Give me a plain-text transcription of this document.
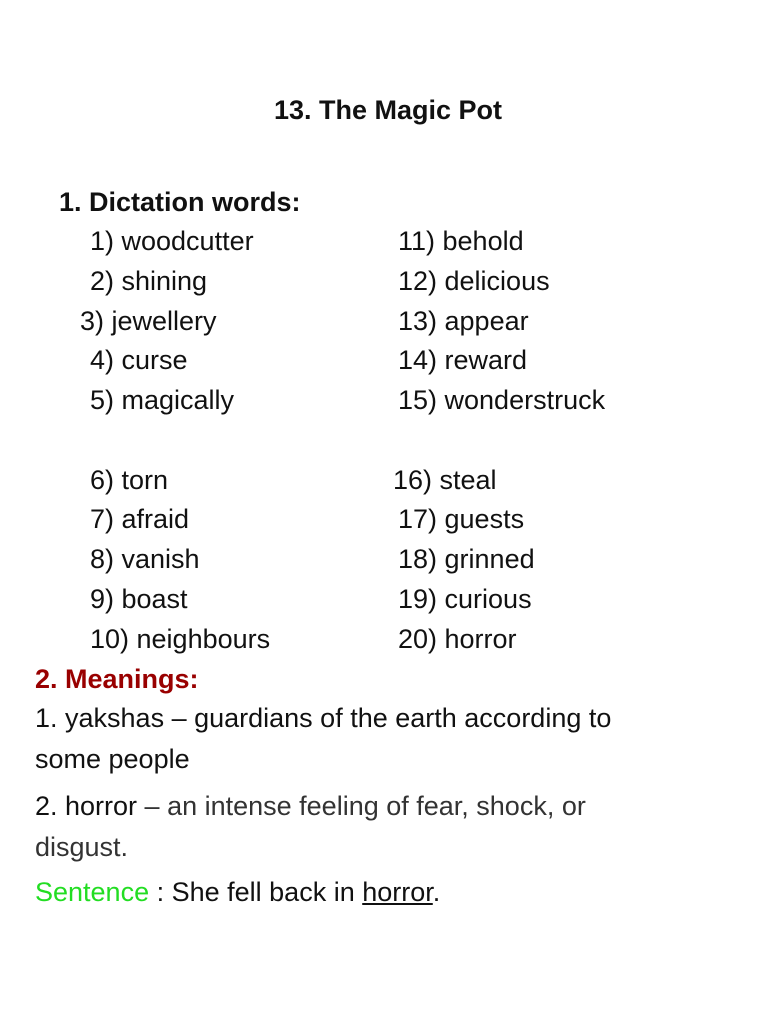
13. The Magic Pot
1. Dictation words:
1) woodcutter
2) shining
3) jewellery
4) curse
5) magically
6) torn
7) afraid
8) vanish
9) boast
10) neighbours
11) behold
12) delicious
13) appear
14) reward
15) wonderstruck
16) steal
17) guests
18) grinned
19) curious
20) horror
2. Meanings:
1. yakshas – guardians of the earth according to some people
2. horror – an intense feeling of fear, shock, or disgust.
Sentence : She fell back in horror.
